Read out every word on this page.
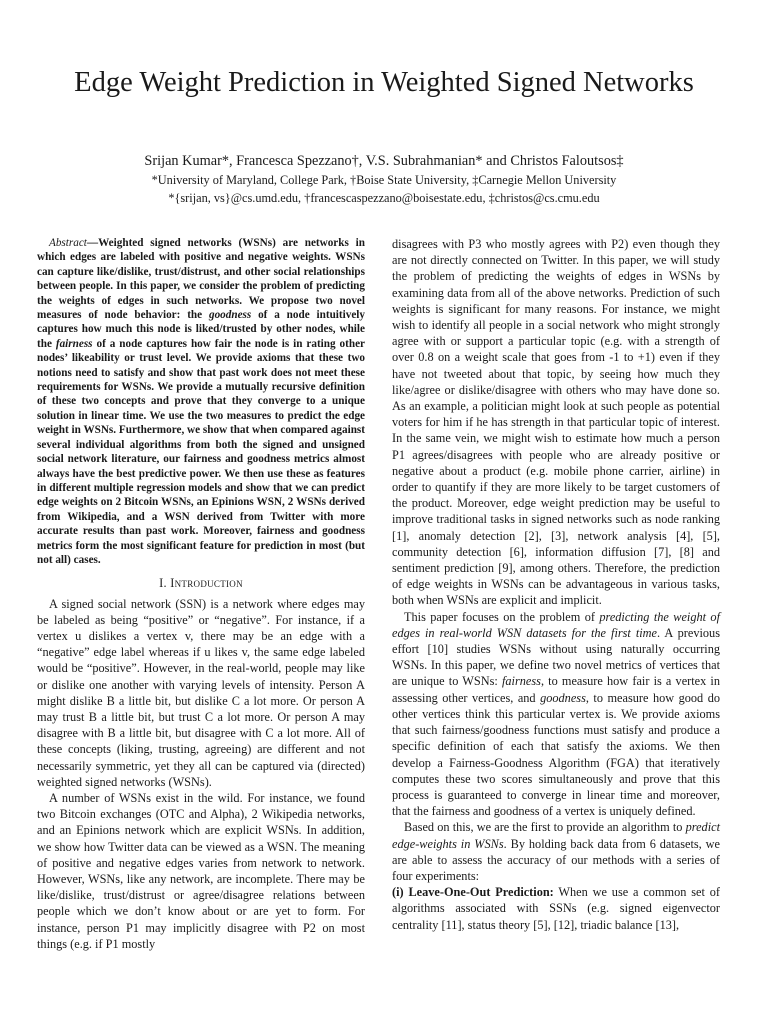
Edge Weight Prediction in Weighted Signed Networks
Srijan Kumar*, Francesca Spezzano†, V.S. Subrahmanian* and Christos Faloutsos‡
*University of Maryland, College Park, †Boise State University, ‡Carnegie Mellon University
*{srijan, vs}@cs.umd.edu, †francescaspezzano@boisestate.edu, ‡christos@cs.cmu.edu

Abstract—Weighted signed networks (WSNs) are networks in which edges are labeled with positive and negative weights. WSNs can capture like/dislike, trust/distrust, and other social relationships between people. In this paper, we consider the problem of predicting the weights of edges in such networks. We propose two novel measures of node behavior: the goodness of a node intuitively captures how much this node is liked/trusted by other nodes, while the fairness of a node captures how fair the node is in rating other nodes’ likeability or trust level. We provide axioms that these two notions need to satisfy and show that past work does not meet these requirements for WSNs. We provide a mutually recursive definition of these two concepts and prove that they converge to a unique solution in linear time. We use the two measures to predict the edge weight in WSNs. Furthermore, we show that when compared against several individual algorithms from both the signed and unsigned social network literature, our fairness and goodness metrics almost always have the best predictive power. We then use these as features in different multiple regression models and show that we can predict edge weights on 2 Bitcoin WSNs, an Epinions WSN, 2 WSNs derived from Wikipedia, and a WSN derived from Twitter with more accurate results than past work. Moreover, fairness and goodness metrics form the most significant feature for prediction in most (but not all) cases.

I. Introduction

A signed social network (SSN) is a network where edges may be labeled as being “positive” or “negative”. For instance, if a vertex u dislikes a vertex v, there may be an edge with a “negative” edge label whereas if u likes v, the same edge labeled would be “positive”. However, in the real-world, people may like or dislike one another with varying levels of intensity. Person A might dislike B a little bit, but dislike C a lot more. Or person A may trust B a little bit, but trust C a lot more. Or person A may disagree with B a little bit, but disagree with C a lot more. All of these concepts (liking, trusting, agreeing) are different and not necessarily symmetric, yet they all can be captured via (directed) weighted signed networks (WSNs).

A number of WSNs exist in the wild. For instance, we found two Bitcoin exchanges (OTC and Alpha), 2 Wikipedia networks, and an Epinions network which are explicit WSNs. In addition, we show how Twitter data can be viewed as a WSN. The meaning of positive and negative edges varies from network to network. However, WSNs, like any network, are incomplete. There may be like/dislike, trust/distrust or agree/disagree relations between people which we don’t know about or are yet to form. For instance, person P1 may implicitly disagree with P2 on most things (e.g. if P1 mostly

disagrees with P3 who mostly agrees with P2) even though they are not directly connected on Twitter. In this paper, we will study the problem of predicting the weights of edges in WSNs by examining data from all of the above networks. Prediction of such weights is significant for many reasons. For instance, we might wish to identify all people in a social network who might strongly agree with or support a particular topic (e.g. with a strength of over 0.8 on a weight scale that goes from -1 to +1) even if they have not tweeted about that topic, by seeing how much they like/agree or dislike/disagree with others who may have done so. As an example, a politician might look at such people as potential voters for him if he has strength in that particular topic of interest. In the same vein, we might wish to estimate how much a person P1 agrees/disagrees with people who are already positive or negative about a product (e.g. mobile phone carrier, airline) in order to quantify if they are more likely to be target customers of the product. Moreover, edge weight prediction may be useful to improve traditional tasks in signed networks such as node ranking [1], anomaly detection [2], [3], network analysis [4], [5], community detection [6], information diffusion [7], [8] and sentiment prediction [9], among others. Therefore, the prediction of edge weights in WSNs can be advantageous in various tasks, both when WSNs are explicit and implicit.

This paper focuses on the problem of predicting the weight of edges in real-world WSN datasets for the first time. A previous effort [10] studies WSNs without using naturally occurring WSNs. In this paper, we define two novel metrics of vertices that are unique to WSNs: fairness, to measure how fair is a vertex in assessing other vertices, and goodness, to measure how good do other vertices think this particular vertex is. We provide axioms that such fairness/goodness functions must satisfy and produce a specific definition of each that satisfy the axioms. We then develop a Fairness-Goodness Algorithm (FGA) that iteratively computes these two scores simultaneously and prove that this process is guaranteed to converge in linear time and moreover, that the fairness and goodness of a vertex is uniquely defined.

Based on this, we are the first to provide an algorithm to predict edge-weights in WSNs. By holding back data from 6 datasets, we are able to assess the accuracy of our methods with a series of four experiments:

(i) Leave-One-Out Prediction: When we use a common set of algorithms associated with SSNs (e.g. signed eigenvector centrality [11], status theory [5], [12], triadic balance [13],
